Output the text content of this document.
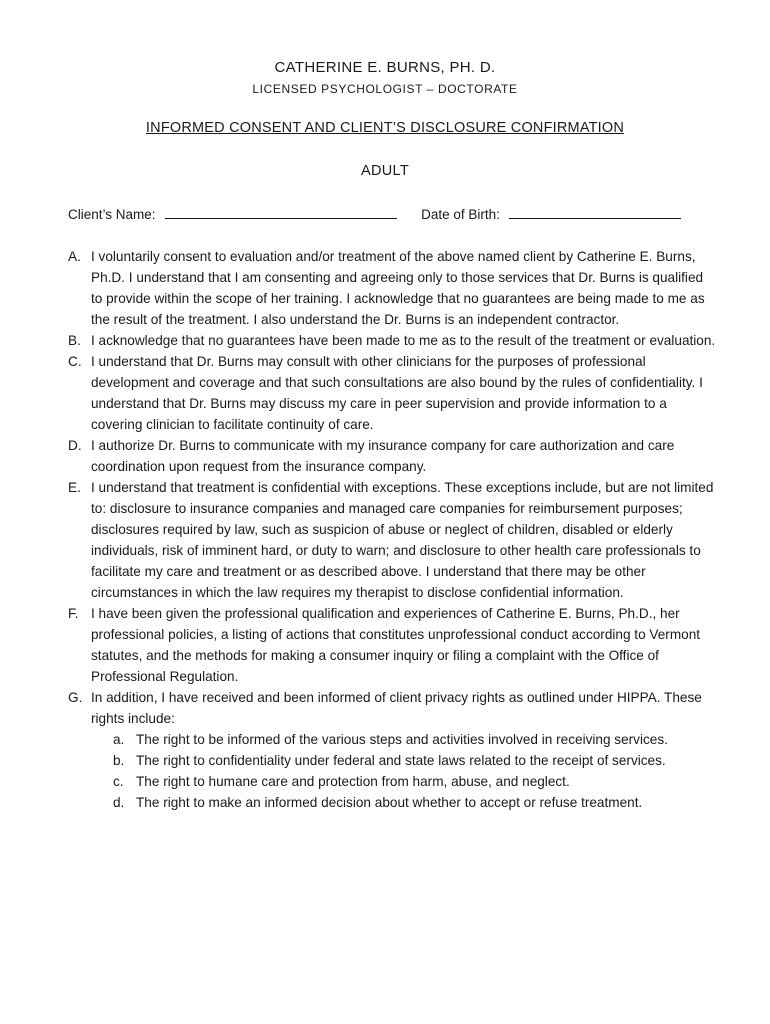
CATHERINE E. BURNS, PH. D.
LICENSED PSYCHOLOGIST – DOCTORATE
INFORMED CONSENT AND CLIENT’S DISCLOSURE CONFIRMATION
ADULT
Client’s Name:	Date of Birth:
A. I voluntarily consent to evaluation and/or treatment of the above named client by Catherine E. Burns, Ph.D. I understand that I am consenting and agreeing only to those services that Dr. Burns is qualified to provide within the scope of her training. I acknowledge that no guarantees are being made to me as the result of the treatment. I also understand the Dr. Burns is an independent contractor.
B. I acknowledge that no guarantees have been made to me as to the result of the treatment or evaluation.
C. I understand that Dr. Burns may consult with other clinicians for the purposes of professional development and coverage and that such consultations are also bound by the rules of confidentiality. I understand that Dr. Burns may discuss my care in peer supervision and provide information to a covering clinician to facilitate continuity of care.
D. I authorize Dr. Burns to communicate with my insurance company for care authorization and care coordination upon request from the insurance company.
E. I understand that treatment is confidential with exceptions. These exceptions include, but are not limited to: disclosure to insurance companies and managed care companies for reimbursement purposes; disclosures required by law, such as suspicion of abuse or neglect of children, disabled or elderly individuals, risk of imminent hard, or duty to warn; and disclosure to other health care professionals to facilitate my care and treatment or as described above. I understand that there may be other circumstances in which the law requires my therapist to disclose confidential information.
F. I have been given the professional qualification and experiences of Catherine E. Burns, Ph.D., her professional policies, a listing of actions that constitutes unprofessional conduct according to Vermont statutes, and the methods for making a consumer inquiry or filing a complaint with the Office of Professional Regulation.
G. In addition, I have received and been informed of client privacy rights as outlined under HIPPA. These rights include:
a. The right to be informed of the various steps and activities involved in receiving services.
b. The right to confidentiality under federal and state laws related to the receipt of services.
c. The right to humane care and protection from harm, abuse, and neglect.
d. The right to make an informed decision about whether to accept or refuse treatment.
